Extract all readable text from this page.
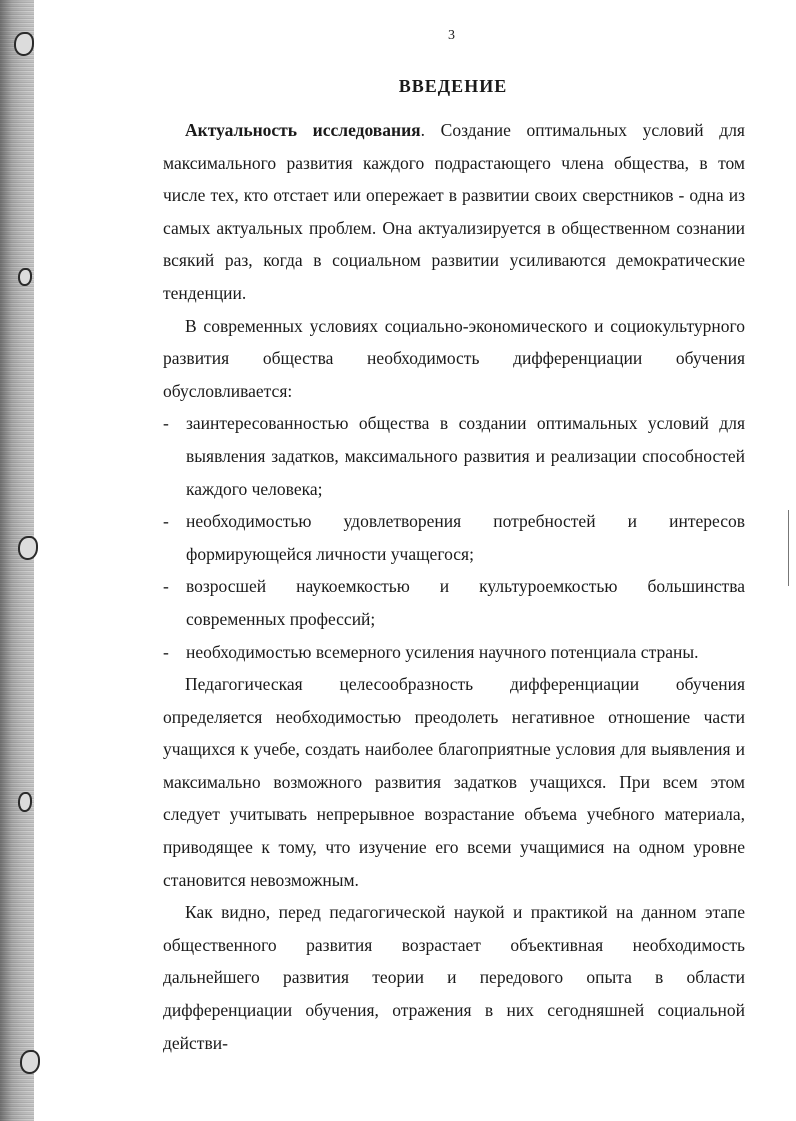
3
ВВЕДЕНИЕ

Актуальность исследования. Создание оптимальных условий для максимального развития каждого подрастающего члена общества, в том числе тех, кто отстает или опережает в развитии своих сверстников - одна из самых актуальных проблем. Она актуализируется в общественном сознании всякий раз, когда в социальном развитии усиливаются демократические тенденции.

В современных условиях социально-экономического и социокультурного развития общества необходимость дифференциации обучения обусловливается:

- заинтересованностью общества в создании оптимальных условий для выявления задатков, максимального развития и реализации способностей каждого человека;
- необходимостью удовлетворения потребностей и интересов формирующейся личности учащегося;
- возросшей наукоемкостью и культуроемкостью большинства современных профессий;
- необходимостью всемерного усиления научного потенциала страны.

Педагогическая целесообразность дифференциации обучения определяется необходимостью преодолеть негативное отношение части учащихся к учебе, создать наиболее благоприятные условия для выявления и максимально возможного развития задатков учащихся. При всем этом следует учитывать непрерывное возрастание объема учебного материала, приводящее к тому, что изучение его всеми учащимися на одном уровне становится невозможным.

Как видно, перед педагогической наукой и практикой на данном этапе общественного развития возрастает объективная необходимость дальнейшего развития теории и передового опыта в области дифференциации обучения, отражения в них сегодняшней социальной действи-
